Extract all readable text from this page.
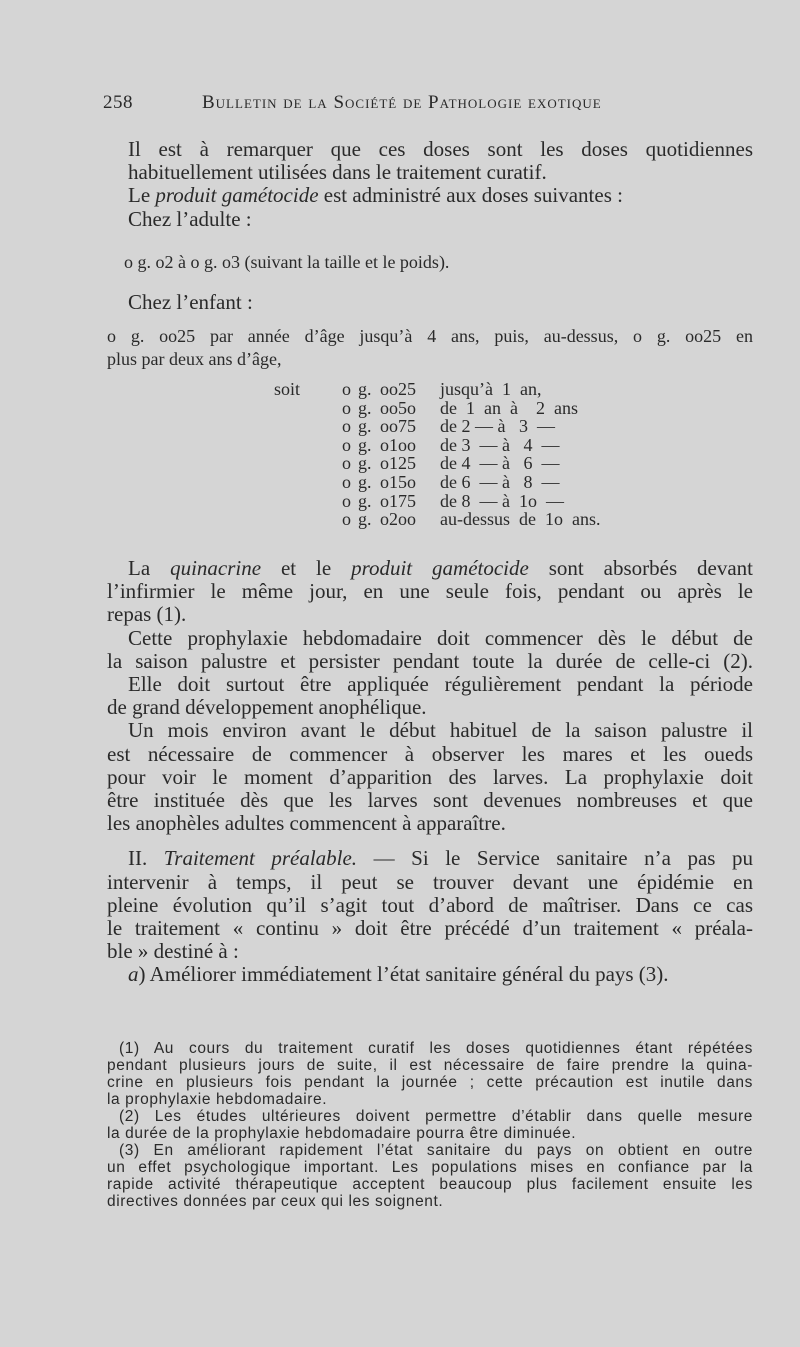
258	Bulletin de la Société de Pathologie exotique

Il est à remarquer que ces doses sont les doses quotidiennes
habituellement utilisées dans le traitement curatif.

Le produit gamétocide est administré aux doses suivantes :
Chez l’adulte :

o g. o2 à o g. o3 (suivant la taille et le poids).
Chez l’enfant :
o g. oo25 par année d’âge jusqu’à 4 ans, puis, au-dessus, o g. oo25 en
plus par deux ans d’âge,
soit	o	g.	oo25	jusqu’à  1  an,
	o	g.	oo5o	de  1  an  à    2  ans
	o	g.	oo75	de 2 — à   3  —
	o	g.	o1oo	de 3  — à   4  —
	o	g.	o125	de 4  — à   6  —
	o	g.	o15o	de 6  — à   8  —
	o	g.	o175	de 8  — à  1o  —
	o	g.	o2oo	au-dessus  de  1o  ans.

La quinacrine et le produit gamétocide sont absorbés devant
l’infirmier le même jour, en une seule fois, pendant ou après le
repas (1).

Cette prophylaxie hebdomadaire doit commencer dès le début de
la saison palustre et persister pendant toute la durée de celle-ci (2).

Elle doit surtout être appliquée régulièrement pendant la période
de grand développement anophélique.

Un mois environ avant le début habituel de la saison palustre il
est nécessaire de commencer à observer les mares et les oueds
pour voir le moment d’apparition des larves. La prophylaxie doit
être instituée dès que les larves sont devenues nombreuses et que
les anophèles adultes commencent à apparaître.

II. Traitement préalable. — Si le Service sanitaire n’a pas pu
intervenir à temps, il peut se trouver devant une épidémie en
pleine évolution qu’il s’agit tout d’abord de maîtriser. Dans ce cas
le traitement « continu » doit être précédé d’un traitement « préala-
ble » destiné à :

a) Améliorer immédiatement l’état sanitaire général du pays (3).

(1) Au cours du traitement curatif les doses quotidiennes étant répétées
pendant plusieurs jours de suite, il est nécessaire de faire prendre la quina-
crine en plusieurs fois pendant la journée ; cette précaution est inutile dans
la prophylaxie hebdomadaire.

(2) Les études ultérieures doivent permettre d’établir dans quelle mesure
la durée de la prophylaxie hebdomadaire pourra être diminuée.

(3) En améliorant rapidement l’état sanitaire du pays on obtient en outre
un effet psychologique important. Les populations mises en confiance par la
rapide activité thérapeutique acceptent beaucoup plus facilement ensuite les
directives données par ceux qui les soignent.
